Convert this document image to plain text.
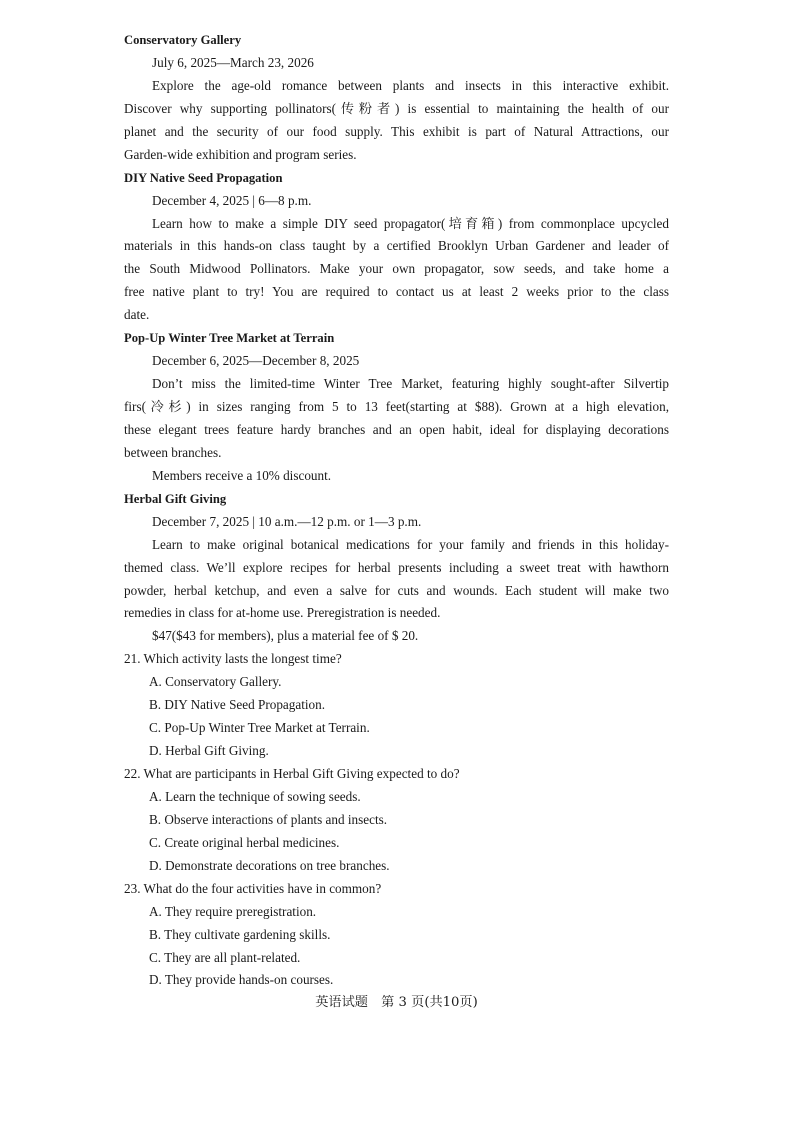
Conservatory Gallery
July 6, 2025—March 23, 2026
Explore the age-old romance between plants and insects in this interactive exhibit.
Discover why supporting pollinators(传粉者) is essential to maintaining the health of our
planet and the security of our food supply. This exhibit is part of Natural Attractions, our
Garden-wide exhibition and program series.
DIY Native Seed Propagation
December 4, 2025 | 6—8 p.m.
Learn how to make a simple DIY seed propagator(培育箱) from commonplace upcycled
materials in this hands-on class taught by a certified Brooklyn Urban Gardener and leader of
the South Midwood Pollinators. Make your own propagator, sow seeds, and take home a
free native plant to try! You are required to contact us at least 2 weeks prior to the class
date.
Pop-Up Winter Tree Market at Terrain
December 6, 2025—December 8, 2025
Don’t miss the limited-time Winter Tree Market, featuring highly sought-after Silvertip
firs(冷杉) in sizes ranging from 5 to 13 feet(starting at $88). Grown at a high elevation,
these elegant trees feature hardy branches and an open habit, ideal for displaying decorations
between branches.
Members receive a 10% discount.
Herbal Gift Giving
December 7, 2025 | 10 a.m.—12 p.m. or 1—3 p.m.
Learn to make original botanical medications for your family and friends in this holiday-
themed class. We’ll explore recipes for herbal presents including a sweet treat with hawthorn
powder, herbal ketchup, and even a salve for cuts and wounds. Each student will make two
remedies in class for at-home use. Preregistration is needed.
$47($43 for members), plus a material fee of $ 20.
21. Which activity lasts the longest time?
A. Conservatory Gallery.
B. DIY Native Seed Propagation.
C. Pop-Up Winter Tree Market at Terrain.
D. Herbal Gift Giving.
22. What are participants in Herbal Gift Giving expected to do?
A. Learn the technique of sowing seeds.
B. Observe interactions of plants and insects.
C. Create original herbal medicines.
D. Demonstrate decorations on tree branches.
23. What do the four activities have in common?
A. They require preregistration.
B. They cultivate gardening skills.
C. They are all plant-related.
D. They provide hands-on courses.
英语试题　第 3 页(共10页)
